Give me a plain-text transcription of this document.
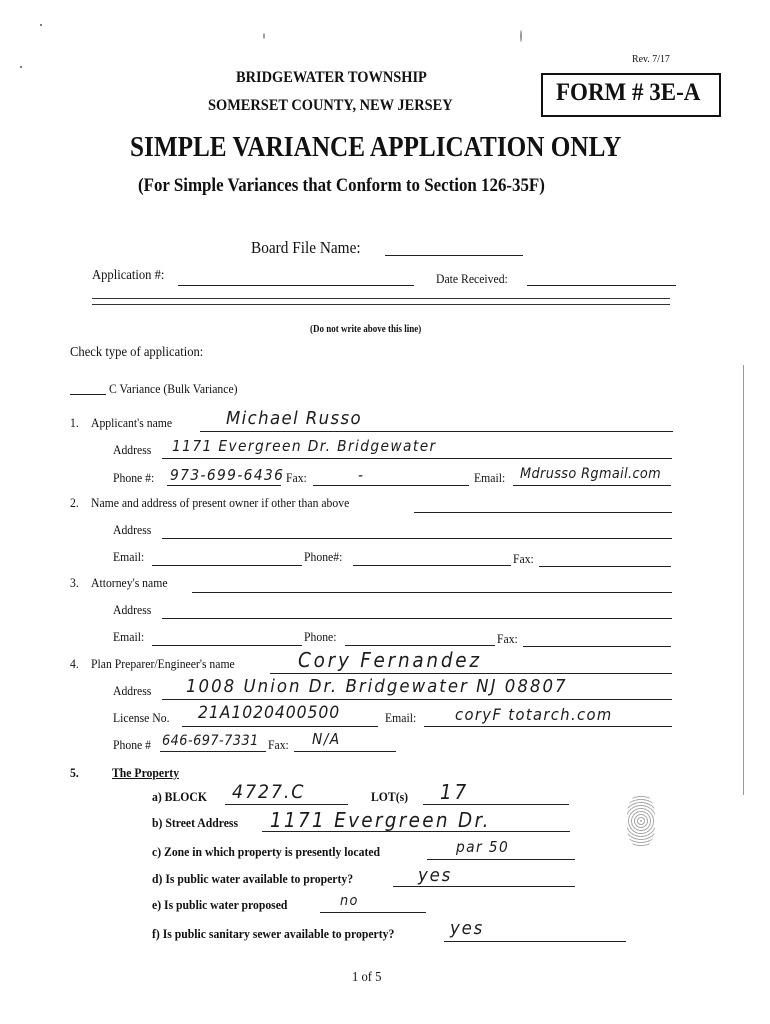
Rev. 7/17
BRIDGEWATER TOWNSHIP
SOMERSET COUNTY, NEW JERSEY	FORM # 3E-A
SIMPLE VARIANCE APPLICATION ONLY
(For Simple Variances that Conform to Section 126-35F)
Board File Name:
Application #:	Date Received:
(Do not write above this line)
Check type of application:
C Variance (Bulk Variance)
1. Applicant's name	Michael Russo
Address 1171 Evergreen Dr. Bridgewater
Phone #: 973-699-6436 Fax:	-	Email: Mdrusso Rgmail.com
2. Name and address of present owner if other than above
Address
Email:	Phone#:	Fax:
3. Attorney's name
Address
Email:	Phone:	Fax:
4. Plan Preparer/Engineer's name	Cory Fernandez
Address 1008 Union Dr. Bridgewater NJ 08807
License No. 21A1020400500	Email: coryF totarch.com
Phone # 646-697-7331 Fax: N/A
5.	The Property
a) BLOCK 4727.C	LOT(s) 17
b) Street Address 1171 Evergreen Dr.
c) Zone in which property is presently located	par 50
d) Is public water available to property?	yes
e) Is public water proposed	no
f) Is public sanitary sewer available to property?	yes
1 of 5
